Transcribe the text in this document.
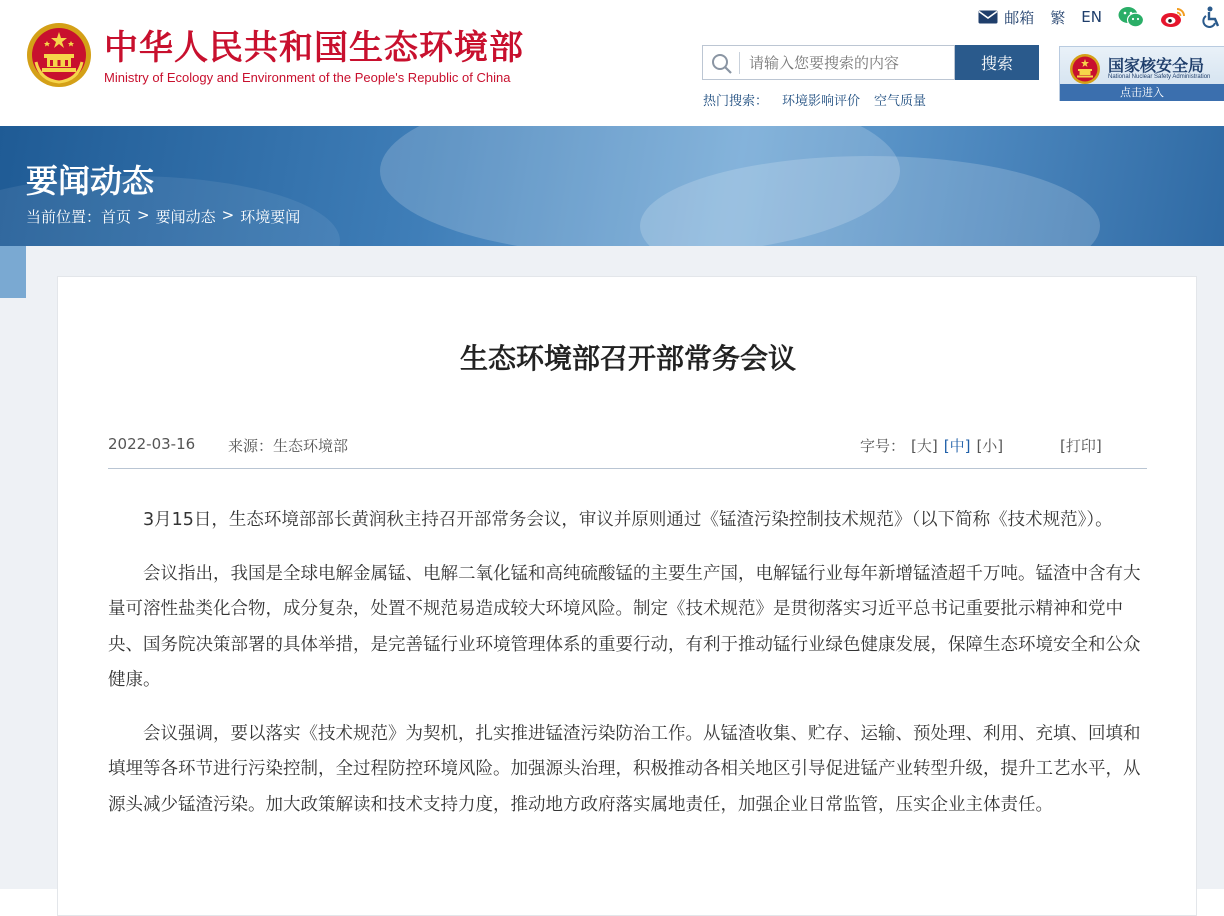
中华人民共和国生态环境部
Ministry of Ecology and Environment of the People's Republic of China
邮箱 繁 EN
请输入您要搜索的内容
搜索
热门搜索： 环境影响评价 空气质量
国家核安全局
National Nuclear Safety Administration
点击进入
要闻动态
当前位置： 首页 > 要闻动态 > 环境要闻
生态环境部召开部常务会议
2022-03-16 来源：生态环境部	字号： [大] [中] [小]	[打印]

3月15日，生态环境部部长黄润秋主持召开部常务会议，审议并原则通过《锰渣污染控制技术规范》（以下简称《技术规范》）。

会议指出，我国是全球电解金属锰、电解二氧化锰和高纯硫酸锰的主要生产国，电解锰行业每年新增锰渣超千万吨。锰渣中含有大量可溶性盐类化合物，成分复杂，处置不规范易造成较大环境风险。制定《技术规范》是贯彻落实习近平总书记重要批示精神和党中央、国务院决策部署的具体举措，是完善锰行业环境管理体系的重要行动，有利于推动锰行业绿色健康发展，保障生态环境安全和公众健康。

会议强调，要以落实《技术规范》为契机，扎实推进锰渣污染防治工作。从锰渣收集、贮存、运输、预处理、利用、充填、回填和填埋等各环节进行污染控制，全过程防控环境风险。加强源头治理，积极推动各相关地区引导促进锰产业转型升级，提升工艺水平，从源头减少锰渣污染。加大政策解读和技术支持力度，推动地方政府落实属地责任，加强企业日常监管，压实企业主体责任。
